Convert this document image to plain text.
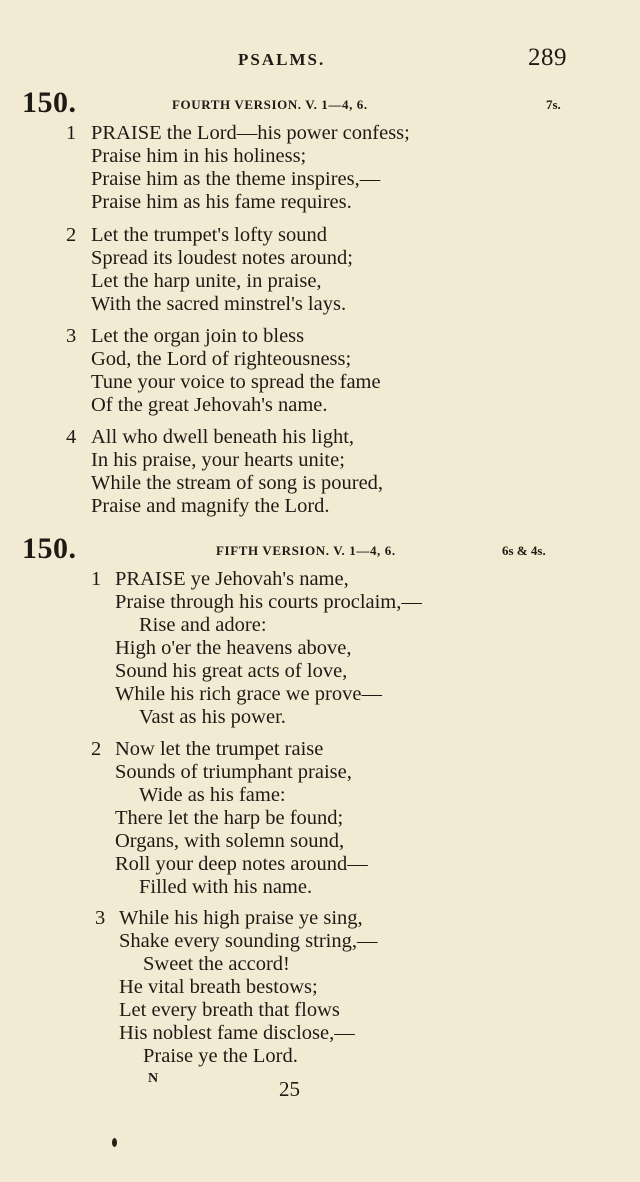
PSALMS.	289
150.	FOURTH VERSION. V. 1—4, 6.	7s.
1 PRAISE the Lord—his power confess;
Praise him in his holiness;
Praise him as the theme inspires,—
Praise him as his fame requires.
2 Let the trumpet's lofty sound
Spread its loudest notes around;
Let the harp unite, in praise,
With the sacred minstrel's lays.
3 Let the organ join to bless
God, the Lord of righteousness;
Tune your voice to spread the fame
Of the great Jehovah's name.
4 All who dwell beneath his light,
In his praise, your hearts unite;
While the stream of song is poured,
Praise and magnify the Lord.
150.	FIFTH VERSION. V. 1—4, 6.	6s & 4s.
1 PRAISE ye Jehovah's name,
Praise through his courts proclaim,—
Rise and adore:
High o'er the heavens above,
Sound his great acts of love,
While his rich grace we prove—
Vast as his power.
2 Now let the trumpet raise
Sounds of triumphant praise,
Wide as his fame:
There let the harp be found;
Organs, with solemn sound,
Roll your deep notes around—
Filled with his name.
3 While his high praise ye sing,
Shake every sounding string,—
Sweet the accord!
He vital breath bestows;
Let every breath that flows
His noblest fame disclose,—
Praise ye the Lord.
N	25
